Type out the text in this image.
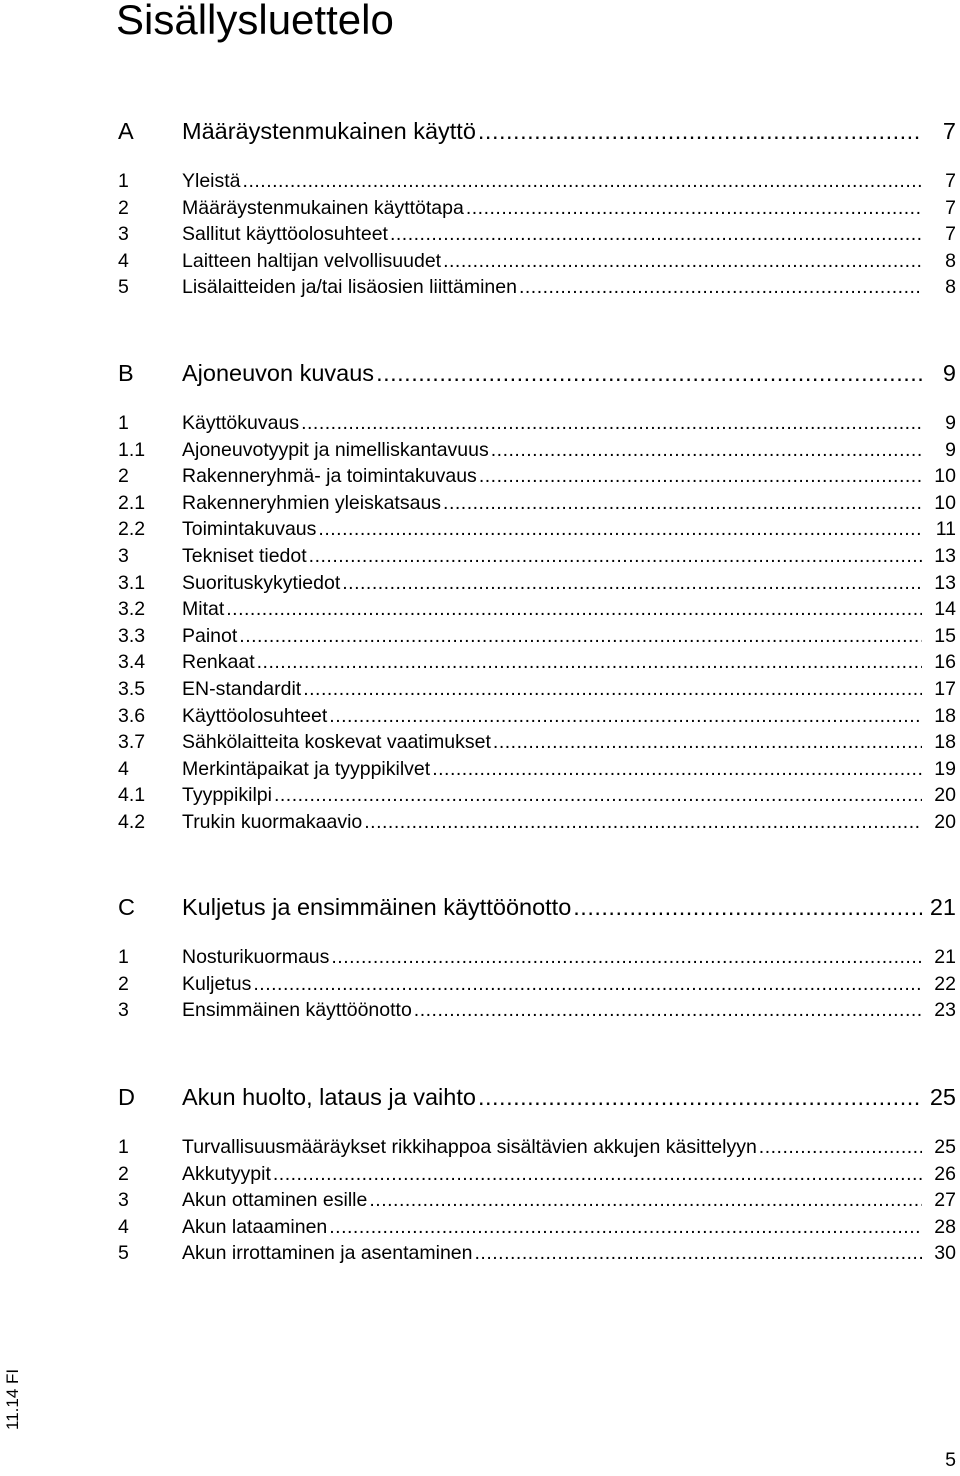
Sisällysluettelo
A	Määräystenmukainen käyttö .....	7
1	Yleistä .....	7
2	Määräystenmukainen käyttötapa .....	7
3	Sallitut käyttöolosuhteet .....	7
4	Laitteen haltijan velvollisuudet .....	8
5	Lisälaitteiden ja/tai lisäosien liittäminen .....	8
B	Ajoneuvon kuvaus .....	9
1	Käyttökuvaus .....	9
1.1	Ajoneuvotyypit ja nimelliskantavuus .....	9
2	Rakenneryhmä- ja toimintakuvaus .....	10
2.1	Rakenneryhmien yleiskatsaus .....	10
2.2	Toimintakuvaus .....	11
3	Tekniset tiedot .....	13
3.1	Suorituskykytiedot .....	13
3.2	Mitat .....	14
3.3	Painot .....	15
3.4	Renkaat .....	16
3.5	EN-standardit .....	17
3.6	Käyttöolosuhteet .....	18
3.7	Sähkölaitteita koskevat vaatimukset .....	18
4	Merkintäpaikat ja tyyppikilvet .....	19
4.1	Tyyppikilpi .....	20
4.2	Trukin kuormakaavio .....	20
C	Kuljetus ja ensimmäinen käyttöönotto .....	21
1	Nosturikuormaus .....	21
2	Kuljetus .....	22
3	Ensimmäinen käyttöönotto .....	23
D	Akun huolto, lataus ja vaihto .....	25
1	Turvallisuusmääräykset rikkihappoa sisältävien akkujen käsittelyyn .....	25
2	Akkutyypit .....	26
3	Akun ottaminen esille .....	27
4	Akun lataaminen .....	28
5	Akun irrottaminen ja asentaminen .....	30
11.14 FI
5
